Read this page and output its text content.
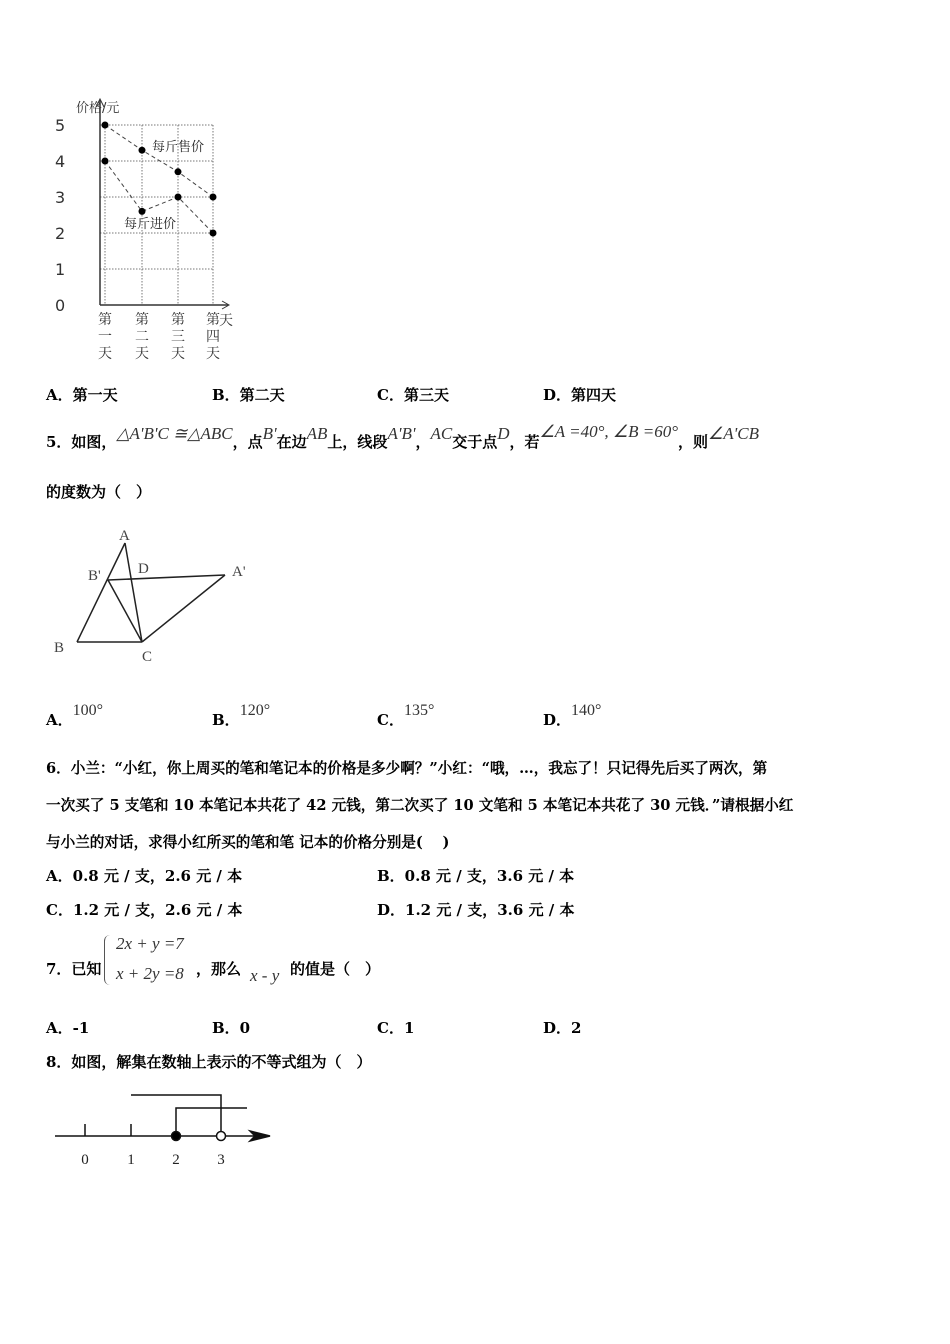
价格/元
天
0
1
2
3
4
5
第
一
天
第
二
天
第
三
天
第
四
天
每斤售价
每斤进价
A．第一天	B．第二天	C．第三天	D．第四天
5．如图，△A'B'C ≅△ABC，点B'在边AB上，线段A'B'，AC交于点D，若∠A =40°, ∠B =60°，则∠A'CB
的度数为（　）
A
B' D	A'
B
C
A．100°
B．120°
C．135°
D．140°
6．小兰：“小红，你上周买的笔和笔记本的价格是多少啊？”小红：“哦，…，我忘了！只记得先后买了两次，第
一次买了 5 支笔和 10 本笔记本共花了 42 元钱，第二次买了 10 文笔和 5 本笔记本共花了 30 元钱．”请根据小红
与小兰的对话，求得小红所买的笔和笔 记本的价格分别是(　 )
A．0.8 元 / 支，2.6 元 / 本	B．0.8 元 / 支，3.6 元 / 本
C．1.2 元 / 支，2.6 元 / 本	D．1.2 元 / 支，3.6 元 / 本
7．已知
2x + y =7
x + 2y =8 ，那么 x - y 的值是（　）
A．-1	B．0	C．1	D．2
8．如图，解集在数轴上表示的不等式组为（　）
0	1	2	3
